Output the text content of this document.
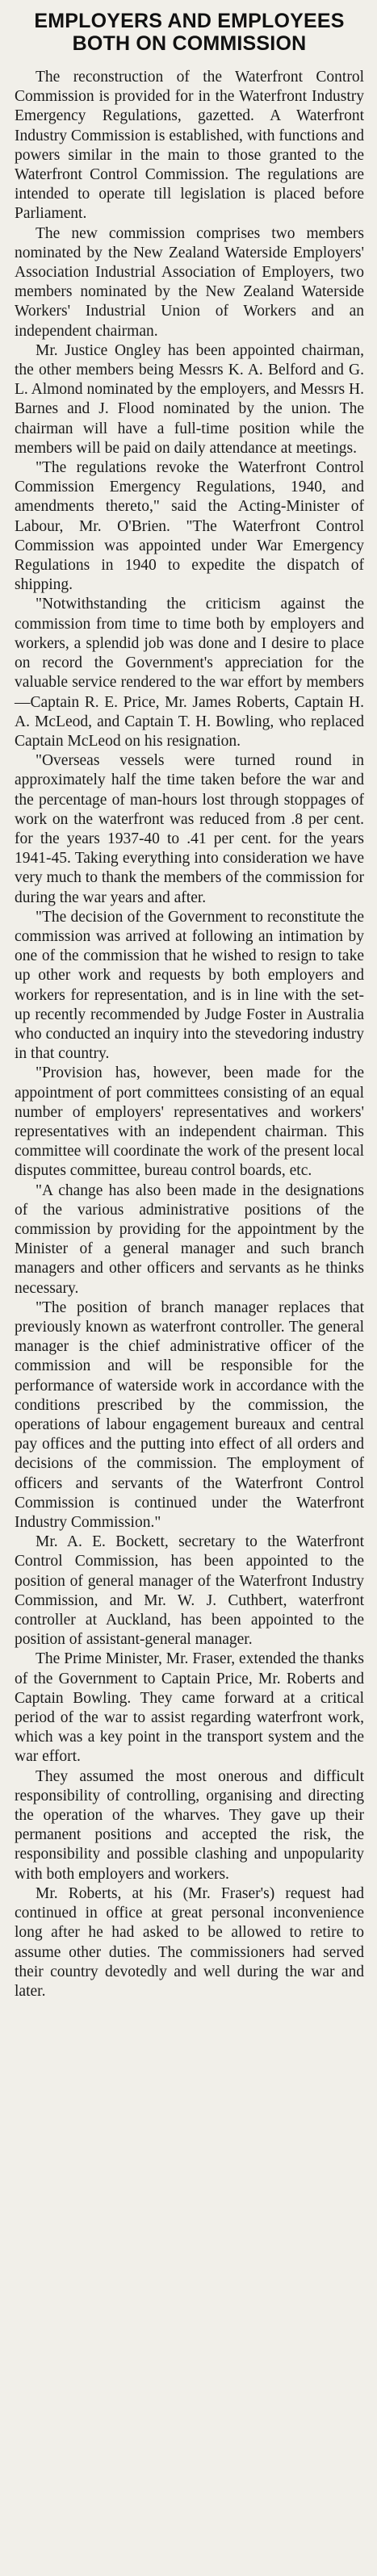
EMPLOYERS AND EMPLOYEES
BOTH ON COMMISSION

The reconstruction of the Waterfront Control Commission is provided for in the Waterfront Industry Emergency Regulations, gazetted. A Waterfront Industry Commission is established, with functions and powers similar in the main to those granted to the Waterfront Control Commission. The regulations are intended to operate till legislation is placed before Parliament.

The new commission comprises two members nominated by the New Zealand Waterside Employers' Association Industrial Association of Employers, two members nominated by the New Zealand Waterside Workers' Industrial Union of Workers and an independent chairman.

Mr. Justice Ongley has been appointed chairman, the other members being Messrs K. A. Belford and G. L. Almond nominated by the employers, and Messrs H. Barnes and J. Flood nominated by the union. The chairman will have a full-time position while the members will be paid on daily attendance at meetings.

"The regulations revoke the Waterfront Control Commission Emergency Regulations, 1940, and amendments thereto," said the Acting-Minister of Labour, Mr. O'Brien. "The Waterfront Control Commission was appointed under War Emergency Regulations in 1940 to expedite the dispatch of shipping.

"Notwithstanding the criticism against the commission from time to time both by employers and workers, a splendid job was done and I desire to place on record the Government's appreciation for the valuable service rendered to the war effort by members—Captain R. E. Price, Mr. James Roberts, Captain H. A. McLeod, and Captain T. H. Bowling, who replaced Captain McLeod on his resignation.

"Overseas vessels were turned round in approximately half the time taken before the war and the percentage of man-hours lost through stoppages of work on the waterfront was reduced from .8 per cent. for the years 1937-40 to .41 per cent. for the years 1941-45. Taking everything into consideration we have very much to thank the members of the commission for during the war years and after.

"The decision of the Government to reconstitute the commission was arrived at following an intimation by one of the commission that he wished to resign to take up other work and requests by both employers and workers for representation, and is in line with the set-up recently recommended by Judge Foster in Australia who conducted an inquiry into the stevedoring industry in that country.

"Provision has, however, been made for the appointment of port committees consisting of an equal number of employers' representatives and workers' representatives with an independent chairman. This committee will coordinate the work of the present local disputes committee, bureau control boards, etc.

"A change has also been made in the designations of the various administrative positions of the commission by providing for the appointment by the Minister of a general manager and such branch managers and other officers and servants as he thinks necessary.

"The position of branch manager replaces that previously known as waterfront controller. The general manager is the chief administrative officer of the commission and will be responsible for the performance of waterside work in accordance with the conditions prescribed by the commission, the operations of labour engagement bureaux and central pay offices and the putting into effect of all orders and decisions of the commission. The employment of officers and servants of the Waterfront Control Commission is continued under the Waterfront Industry Commission."

Mr. A. E. Bockett, secretary to the Waterfront Control Commission, has been appointed to the position of general manager of the Waterfront Industry Commission, and Mr. W. J. Cuthbert, waterfront controller at Auckland, has been appointed to the position of assistant-general manager.

The Prime Minister, Mr. Fraser, extended the thanks of the Government to Captain Price, Mr. Roberts and Captain Bowling. They came forward at a critical period of the war to assist regarding waterfront work, which was a key point in the transport system and the war effort.

They assumed the most onerous and difficult responsibility of controlling, organising and directing the operation of the wharves. They gave up their permanent positions and accepted the risk, the responsibility and possible clashing and unpopularity with both employers and workers.

Mr. Roberts, at his (Mr. Fraser's) request had continued in office at great personal inconvenience long after he had asked to be allowed to retire to assume other duties. The commissioners had served their country devotedly and well during the war and later.
